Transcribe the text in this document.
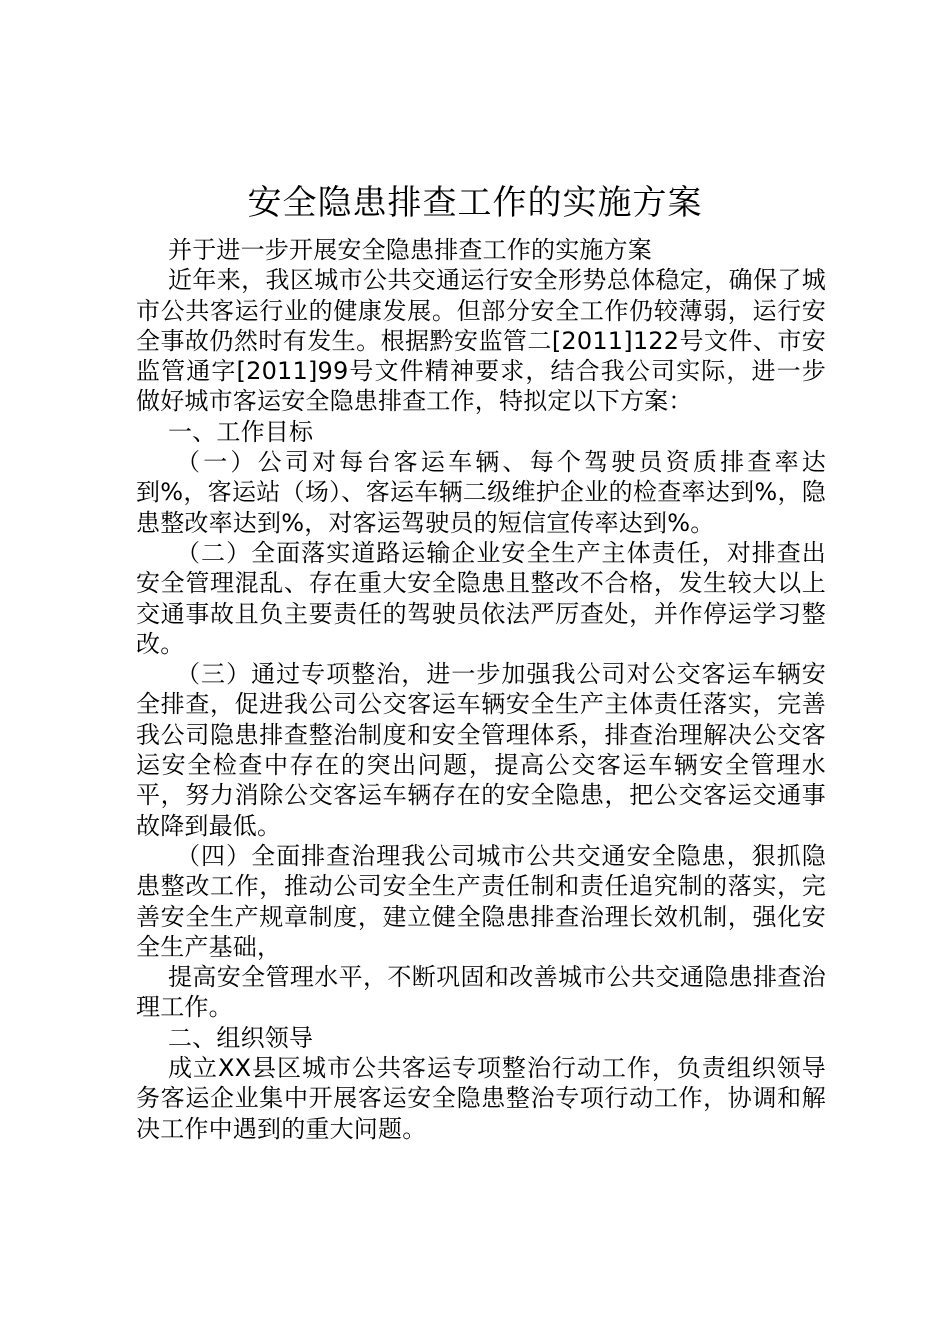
安全隐患排查工作的实施方案

并于进一步开展安全隐患排查工作的实施方案

近年来，我区城市公共交通运行安全形势总体稳定，确保了城市公共客运行业的健康发展。但部分安全工作仍较薄弱，运行安全事故仍然时有发生。根据黔安监管二[2011]122号文件、市安监管通字[2011]99号文件精神要求，结合我公司实际，进一步做好城市客运安全隐患排查工作，特拟定以下方案：

一、工作目标

（一）公司对每台客运车辆、每个驾驶员资质排查率达到%，客运站（场）、客运车辆二级维护企业的检查率达到%，隐患整改率达到%，对客运驾驶员的短信宣传率达到%。

（二）全面落实道路运输企业安全生产主体责任，对排查出安全管理混乱、存在重大安全隐患且整改不合格，发生较大以上交通事故且负主要责任的驾驶员依法严厉查处，并作停运学习整改。

（三）通过专项整治，进一步加强我公司对公交客运车辆安全排查，促进我公司公交客运车辆安全生产主体责任落实，完善我公司隐患排查整治制度和安全管理体系，排查治理解决公交客运安全检查中存在的突出问题，提高公交客运车辆安全管理水平，努力消除公交客运车辆存在的安全隐患，把公交客运交通事故降到最低。

（四）全面排查治理我公司城市公共交通安全隐患，狠抓隐患整改工作，推动公司安全生产责任制和责任追究制的落实，完善安全生产规章制度，建立健全隐患排查治理长效机制，强化安全生产基础，

提高安全管理水平，不断巩固和改善城市公共交通隐患排查治理工作。

二、组织领导

成立XX县区城市公共客运专项整治行动工作，负责组织领导务客运企业集中开展客运安全隐患整治专项行动工作，协调和解决工作中遇到的重大问题。
